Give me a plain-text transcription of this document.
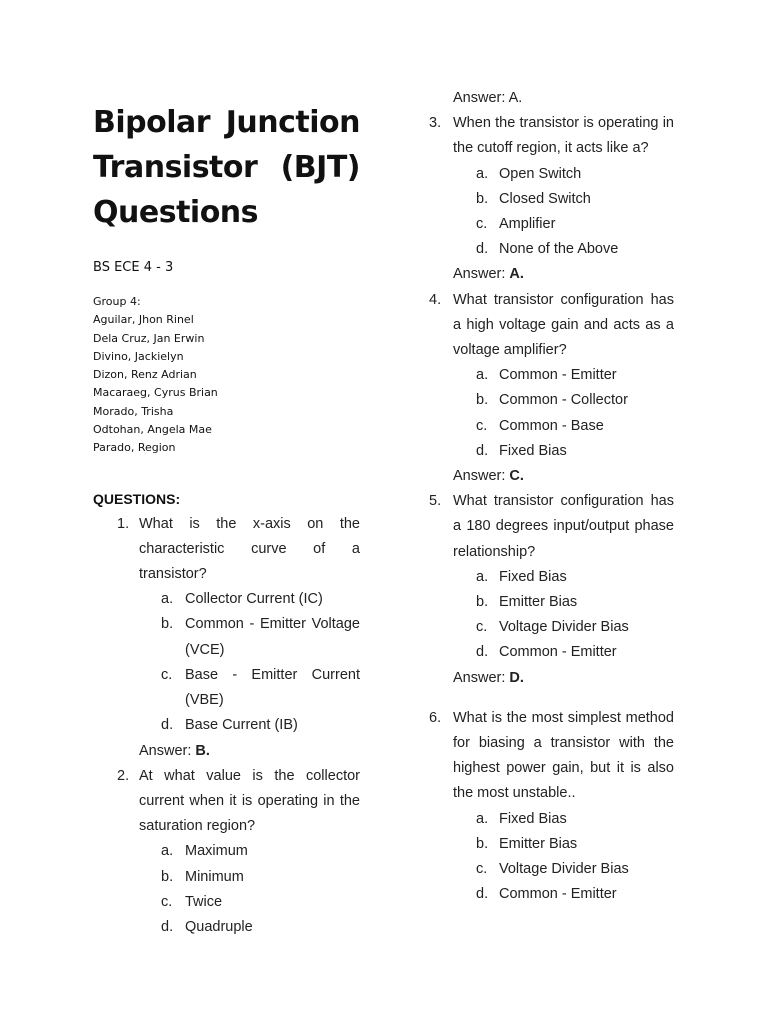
Bipolar Junction Transistor (BJT)
Questions
BS ECE 4 - 3
Group 4:
Aguilar, Jhon Rinel
Dela Cruz, Jan Erwin
Divino, Jackielyn
Dizon, Renz Adrian
Macaraeg, Cyrus Brian
Morado, Trisha
Odtohan, Angela Mae
Parado, Region
QUESTIONS:
1. What is the x-axis on the characteristic curve of a transistor?
a. Collector Current (IC)
b. Common - Emitter Voltage (VCE)
c. Base - Emitter Current (VBE)
d. Base Current (IB)
Answer: B.
2. At what value is the collector current when it is operating in the saturation region?
a. Maximum
b. Minimum
c. Twice
d. Quadruple
Answer: A.
3. When the transistor is operating in the cutoff region, it acts like a?
a. Open Switch
b. Closed Switch
c. Amplifier
d. None of the Above
Answer: A.
4. What transistor configuration has a high voltage gain and acts as a voltage amplifier?
a. Common - Emitter
b. Common - Collector
c. Common - Base
d. Fixed Bias
Answer: C.
5. What transistor configuration has a 180 degrees input/output phase relationship?
a. Fixed Bias
b. Emitter Bias
c. Voltage Divider Bias
d. Common - Emitter
Answer: D.
6. What is the most simplest method for biasing a transistor with the highest power gain, but it is also the most unstable..
a. Fixed Bias
b. Emitter Bias
c. Voltage Divider Bias
d. Common - Emitter
